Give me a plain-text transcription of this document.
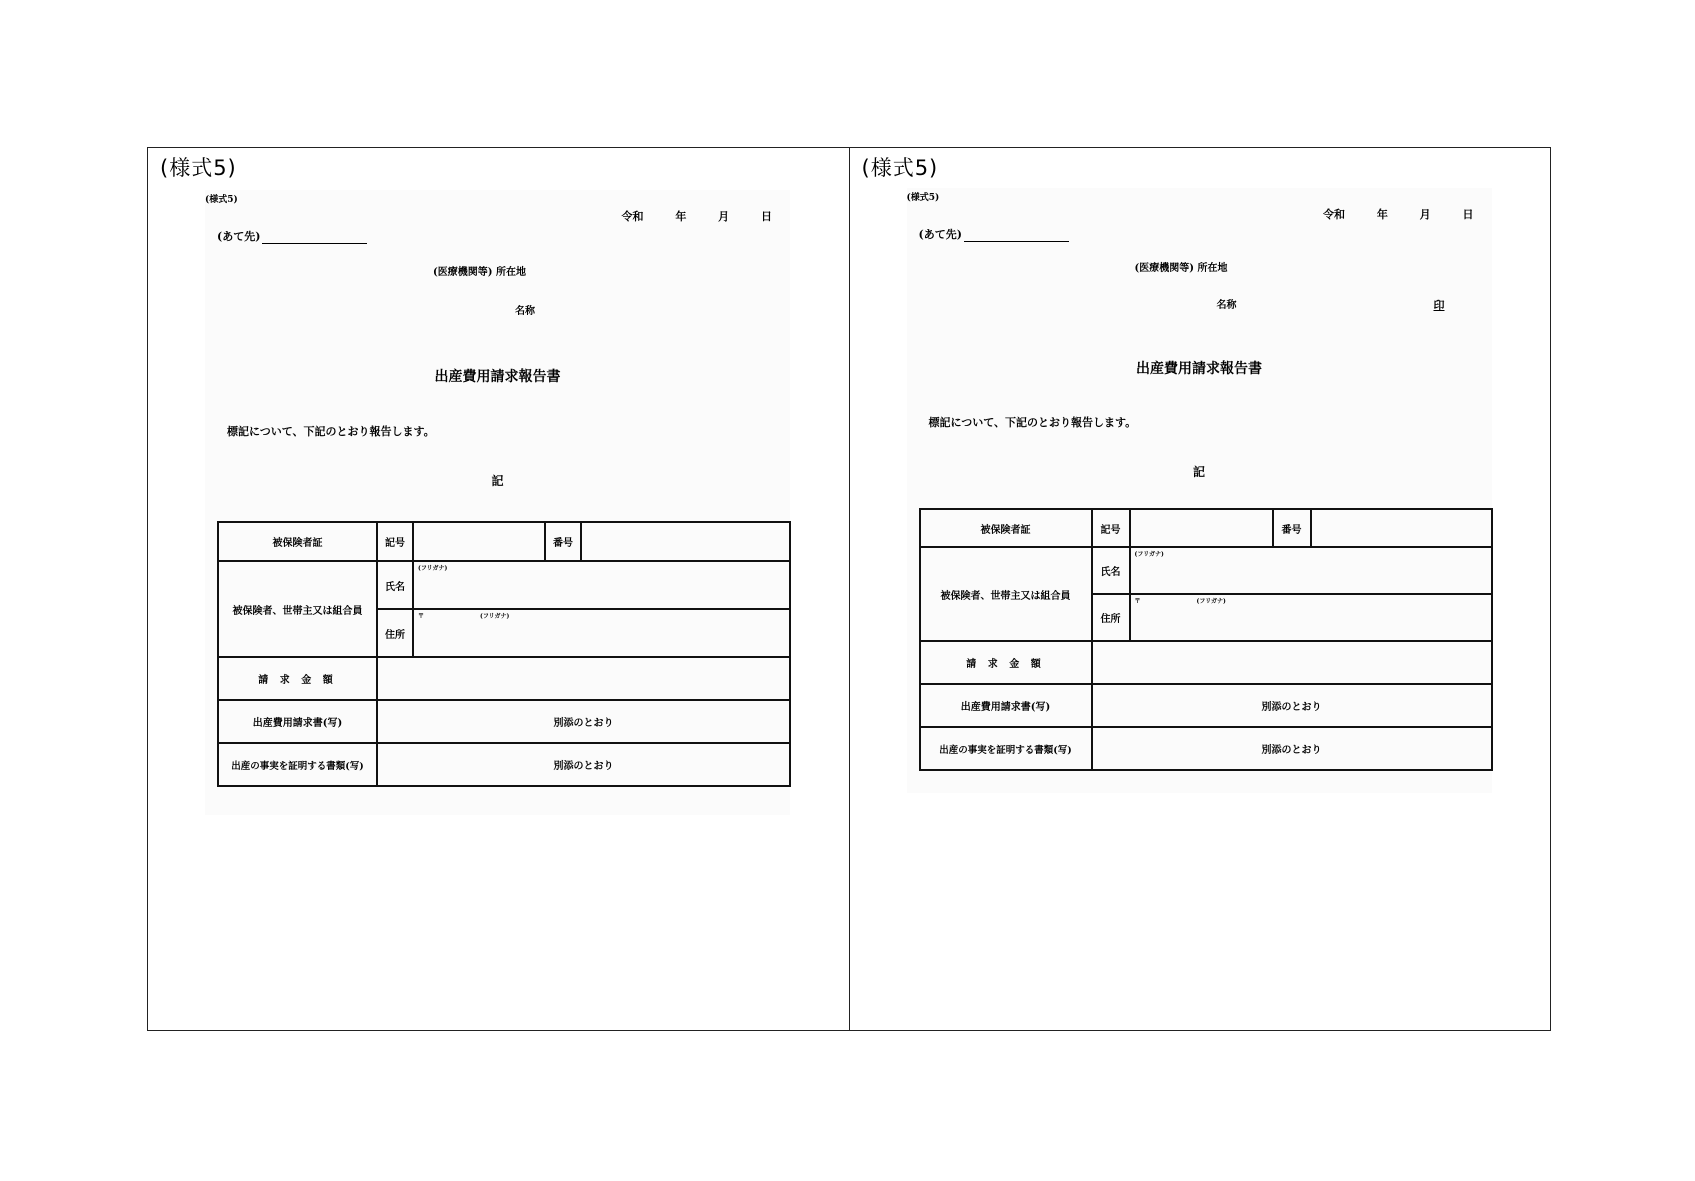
(様式5)
(様式5)
令和 年 月 日
(あて先)
(医療機関等) 所在地
名称
出産費用請求報告書
標記について、下記のとおり報告します。
記
被保険者証	記号		番号	
被保険者、世帯主又は組合員	氏名	(フリガナ)		

	住所	〒 (フリガナ)		

請 求 金 額				
出産費用請求書(写)	別添のとおり			
出産の事実を証明する書類(写)	別添のとおり			
(様式5)
(様式5)
令和 年 月 日
(あて先)
(医療機関等) 所在地
名称	印
出産費用請求報告書
標記について、下記のとおり報告します。
記
被保険者証	記号		番号	
被保険者、世帯主又は組合員	氏名	(フリガナ)		

	住所	〒 (フリガナ)		

請 求 金 額				
出産費用請求書(写)	別添のとおり			
出産の事実を証明する書類(写)	別添のとおり			
